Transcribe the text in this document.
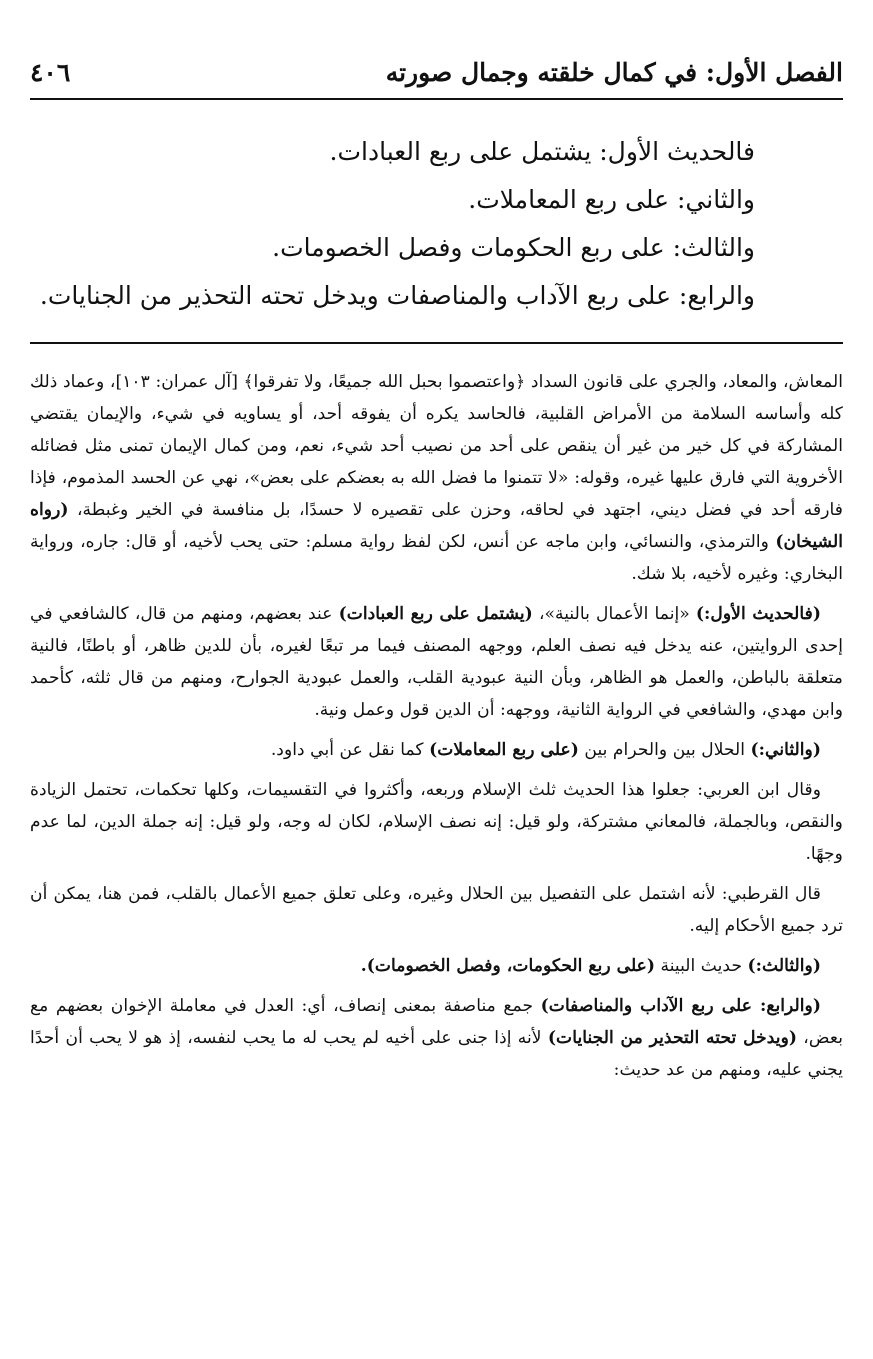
الفصل الأول: في كمال خلقته وجمال صورته
٤٠٦
فالحديث الأول: يشتمل على ربع العبادات.
والثاني: على ربع المعاملات.
والثالث: على ربع الحكومات وفصل الخصومات.
والرابع: على ربع الآداب والمناصفات ويدخل تحته التحذير من الجنايات.

المعاش، والمعاد، والجري على قانون السداد ﴿واعتصموا بحبل الله جميعًا، ولا تفرقوا﴾ [آل عمران: ١٠٣]، وعماد ذلك كله وأساسه السلامة من الأمراض القلبية، فالحاسد يكره أن يفوقه أحد، أو يساويه في شيء، والإيمان يقتضي المشاركة في كل خير من غير أن ينقص على أحد من نصيب أحد شيء، نعم، ومن كمال الإيمان تمنى مثل فضائله الأخروية التي فارق عليها غيره، وقوله: «لا تتمنوا ما فضل الله به بعضكم على بعض»، نهي عن الحسد المذموم، فإذا فارقه أحد في فضل ديني، اجتهد في لحاقه، وحزن على تقصيره لا حسدًا، بل منافسة في الخير وغبطة، (رواه الشيخان) والترمذي، والنسائي، وابن ماجه عن أنس، لكن لفظ رواية مسلم: حتى يحب لأخيه، أو قال: جاره، ورواية البخاري: وغيره لأخيه، بلا شك.

(فالحديث الأول:) «إنما الأعمال بالنية»، (يشتمل على ربع العبادات) عند بعضهم، ومنهم من قال، كالشافعي في إحدى الروايتين، عنه يدخل فيه نصف العلم، ووجهه المصنف فيما مر تبعًا لغيره، بأن للدين ظاهر، أو باطنًا، فالنية متعلقة بالباطن، والعمل هو الظاهر، وبأن النية عبودية القلب، والعمل عبودية الجوارح، ومنهم من قال ثلثه، كأحمد وابن مهدي، والشافعي في الرواية الثانية، ووجهه: أن الدين قول وعمل ونية.

(والثاني:) الحلال بين والحرام بين (على ربع المعاملات) كما نقل عن أبي داود.

وقال ابن العربي: جعلوا هذا الحديث ثلث الإسلام وربعه، وأكثروا في التقسيمات، وكلها تحكمات، تحتمل الزيادة والنقص، وبالجملة، فالمعاني مشتركة، ولو قيل: إنه نصف الإسلام، لكان له وجه، ولو قيل: إنه جملة الدين، لما عدم وجهًا.

قال القرطبي: لأنه اشتمل على التفصيل بين الحلال وغيره، وعلى تعلق جميع الأعمال بالقلب، فمن هنا، يمكن أن ترد جميع الأحكام إليه.

(والثالث:) حديث البينة (على ربع الحكومات، وفصل الخصومات).

(والرابع: على ربع الآداب والمناصفات) جمع مناصفة بمعنى إنصاف، أي: العدل في معاملة الإخوان بعضهم مع بعض، (ويدخل تحته التحذير من الجنايات) لأنه إذا جنى على أخيه لم يحب له ما يحب لنفسه، إذ هو لا يحب أن أحدًا يجني عليه، ومنهم من عد حديث:
